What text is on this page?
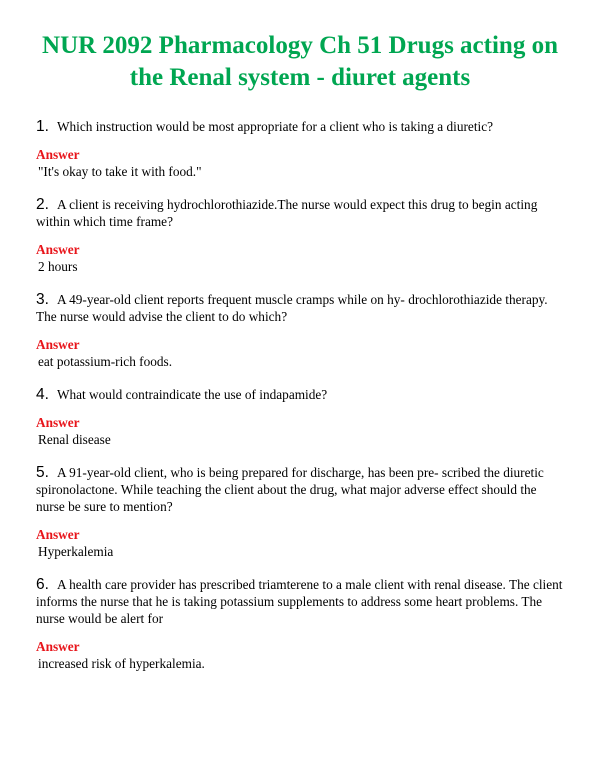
NUR 2092 Pharmacology Ch 51 Drugs acting on the Renal system - diuret agents

1. Which instruction would be most appropriate for a client who is taking a diuretic?

Answer

"It's okay to take it with food."

2. A client is receiving hydrochlorothiazide.The nurse would expect this drug to begin acting within which time frame?

Answer

2 hours

3. A 49-year-old client reports frequent muscle cramps while on hy- drochlorothiazide therapy. The nurse would advise the client to do which?

Answer

eat potassium-rich foods.

4. What would contraindicate the use of indapamide?

Answer

Renal disease

5. A 91-year-old client, who is being prepared for discharge, has been pre- scribed the diuretic spironolactone. While teaching the client about the drug, what major adverse effect should the nurse be sure to mention?

Answer

Hyperkalemia

6. A health care provider has prescribed triamterene to a male client with renal disease. The client informs the nurse that he is taking potassium supplements to address some heart problems. The nurse would be alert for

Answer

increased risk of hyperkalemia.
